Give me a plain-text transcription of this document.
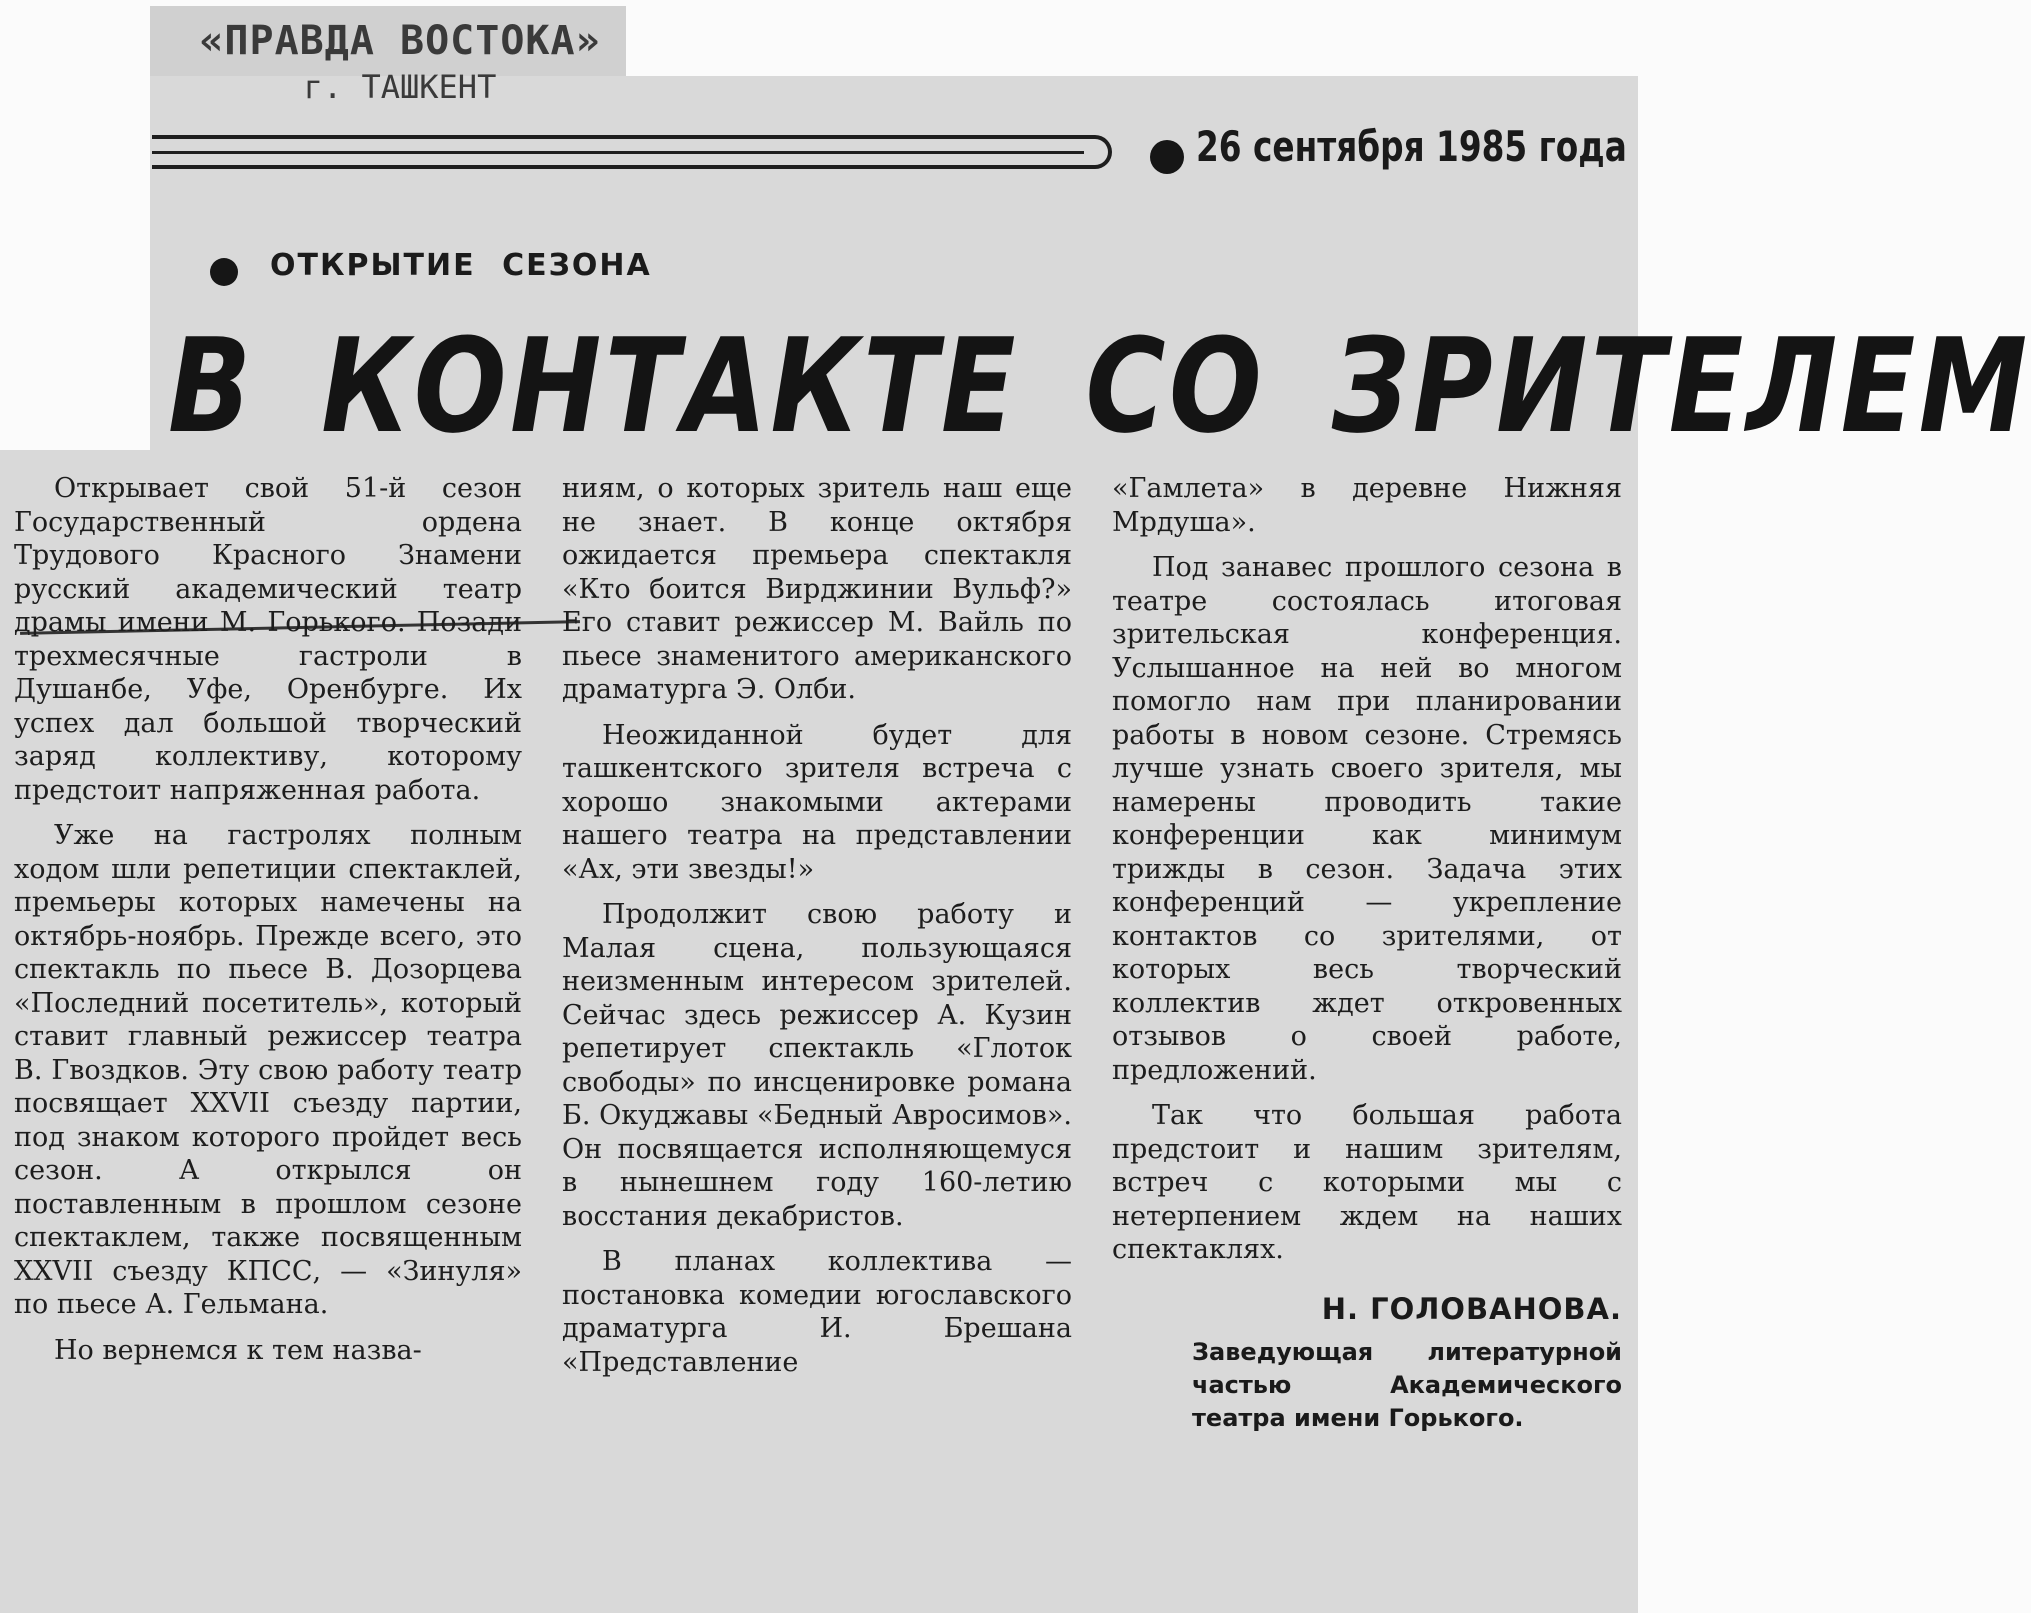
«ПРАВДА ВОСТОКА»
г. ТАШКЕНТ
26 сентября 1985 года
ОТКРЫТИЕ СЕЗОНА
В КОНТАКТЕ СО ЗРИТЕЛЕМ

Открывает свой 51-й сезон Государственный ордена Трудового Красного Знамени русский академический театр драмы имени М. Горького. Позади трехмесячные гастроли в Душанбе, Уфе, Оренбурге. Их успех дал большой творческий заряд коллективу, которому предстоит напряженная работа.

Уже на гастролях полным ходом шли репетиции спектаклей, премьеры которых намечены на октябрь-ноябрь. Прежде всего, это спектакль по пьесе В. Дозорцева «Последний посетитель», который ставит главный режиссер театра В. Гвоздков. Эту свою работу театр посвящает XXVII съезду партии, под знаком которого пройдет весь сезон. А открылся он поставленным в прошлом сезоне спектаклем, также посвященным XXVII съезду КПСС, — «Зинуля» по пьесе А. Гельмана.

Но вернемся к тем назва-

ниям, о которых зритель наш еще не знает. В конце октября ожидается премьера спектакля «Кто боится Вирджинии Вульф?» Его ставит режиссер М. Вайль по пьесе знаменитого американского драматурга Э. Олби.

Неожиданной будет для ташкентского зрителя встреча с хорошо знакомыми актерами нашего театра на представлении «Ах, эти звезды!»

Продолжит свою работу и Малая сцена, пользующаяся неизменным интересом зрителей. Сейчас здесь режиссер А. Кузин репетирует спектакль «Глоток свободы» по инсценировке романа Б. Окуджавы «Бедный Авросимов». Он посвящается исполняющемуся в нынешнем году 160-летию восстания декабристов.

В планах коллектива — постановка комедии югославского драматурга И. Брешана «Представление

«Гамлета» в деревне Нижняя Мрдуша».

Под занавес прошлого сезона в театре состоялась итоговая зрительская конференция. Услышанное на ней во многом помогло нам при планировании работы в новом сезоне. Стремясь лучше узнать своего зрителя, мы намерены проводить такие конференции как минимум трижды в сезон. Задача этих конференций — укрепление контактов со зрителями, от которых весь творческий коллектив ждет откровенных отзывов о своей работе, предложений.

Так что большая работа предстоит и нашим зрителям, встреч с которыми мы с нетерпением ждем на наших спектаклях.

Н. ГОЛОВАНОВА.
Заведующая литературной частью Академического театра имени Горького.
